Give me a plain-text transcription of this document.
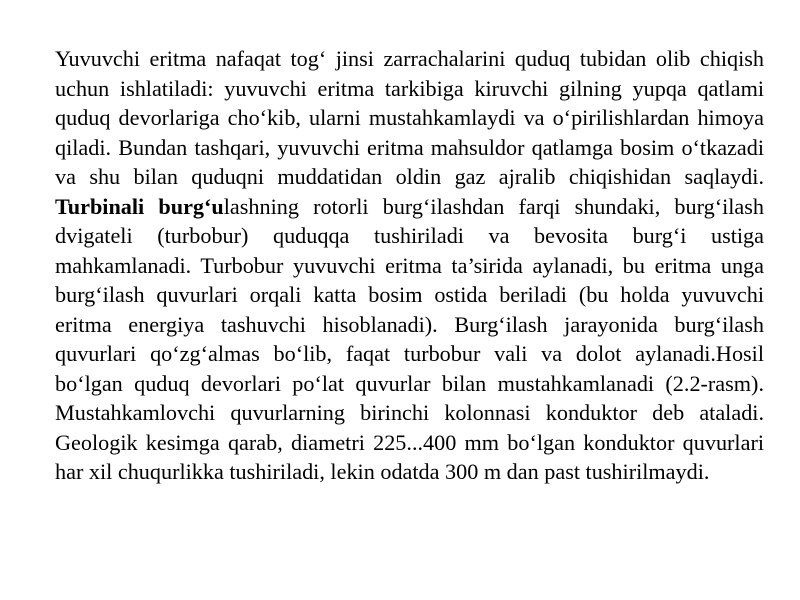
Yuvuvchi eritma nafaqat tog‘ jinsi zarrachalarini quduq tubidan olib chiqish uchun ishlatiladi: yuvuvchi eritma tarkibiga kiruvchi gilning yupqa qatlami quduq devorlariga cho‘kib, ularni mustahkamlaydi va o‘pirilishlardan himoya qiladi. Bundan tashqari, yuvuvchi eritma mahsuldor qatlamga bosim o‘tkazadi va shu bilan quduqni muddatidan oldin gaz ajralib chiqishidan saqlaydi. Turbinali burg‘ulashning rotorli burg‘ilashdan farqi shundaki, burg‘ilash dvigateli (turbobur) quduqqa tushiriladi va bevosita burg‘i ustiga mahkamlanadi. Turbobur yuvuvchi eritma ta’sirida aylanadi, bu eritma unga burg‘ilash quvurlari orqali katta bosim ostida beriladi (bu holda yuvuvchi eritma energiya tashuvchi hisoblanadi). Burg‘ilash jarayonida burg‘ilash quvurlari qo‘zg‘almas bo‘lib, faqat turbobur vali va dolot aylanadi.Hosil bo‘lgan quduq devorlari po‘lat quvurlar bilan mustahkamlanadi (2.2-rasm). Mustahkamlovchi quvurlarning birinchi kolonnasi konduktor deb ataladi. Geologik kesimga qarab, diametri 225...400 mm bo‘lgan konduktor quvurlari har xil chuqurlikka tushiriladi, lekin odatda 300 m dan past tushirilmaydi.
